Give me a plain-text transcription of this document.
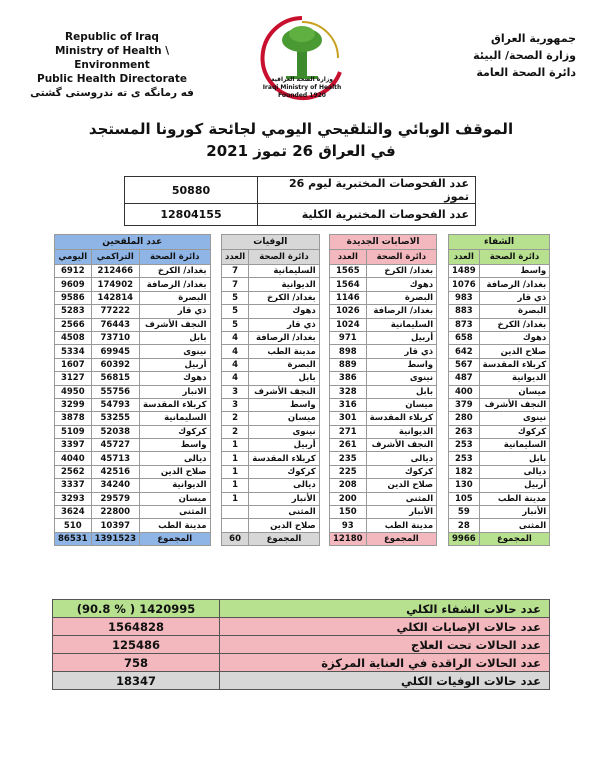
Republic of Iraq
Ministry of Health \ Environment
Public Health Directorate
فه رمانگه ى ته ندروستى گشتى
وزارة الصحة العراقية
Iraqi Ministry of Health
Founded 1920
جمهورية العراق
وزارة الصحة/ البيئة
دائرة الصحة العامة
الموقف الوبائي والتلقيحي اليومي لجائحة كورونا المستجد
في العراق 26 تموز 2021
عدد الفحوصات المختبرية ليوم 26 تموز	50880
عدد الفحوصات المختبرية الكلية	12804155
الشفاء	
دائرة الصحة	العدد
واسط	1489
بغداد/ الرصافة	1076
ذي قار	983
البصرة	883
بغداد/ الكرخ	873
دهوك	658
صلاح الدين	642
كربلاء المقدسة	567
الديوانية	487
ميسان	400
النجف الأشرف	379
نينوى	280
كركوك	263
السليمانية	253
بابل	253
ديالى	182
أربيل	130
مدينة الطب	105
الأنبار	59
المثنى	28
المجموع	9966
الاصابات الجديدة	
دائرة الصحة	العدد
بغداد/ الكرخ	1565
دهوك	1564
البصرة	1146
بغداد/ الرصافة	1026
السليمانية	1024
أربيل	971
ذي قار	898
واسط	889
نينوى	386
بابل	328
ميسان	316
كربلاء المقدسة	301
الديوانية	271
النجف الأشرف	261
ديالى	235
كركوك	225
صلاح الدين	208
المثنى	200
الأنبار	150
مدينة الطب	93
المجموع	12180
الوفيات	
دائرة الصحة	العدد
السليمانية	7
الديوانية	7
بغداد/ الكرخ	5
دهوك	5
ذي قار	5
بغداد/ الرصافة	4
مدينة الطب	4
البصرة	4
بابل	4
النجف الأشرف	3
واسط	3
ميسان	2
نينوى	2
أربيل	1
كربلاء المقدسة	1
كركوك	1
ديالى	1
الأنبار	1
المثنى	
صلاح الدين	
المجموع	60
عدد الملقحين		
دائرة الصحة	التراكمي	اليومي
بغداد/ الكرخ	212466	6912
بغداد/ الرصافة	174902	9609
البصرة	142814	9586
ذي قار	77222	5283
النجف الأشرف	76443	2566
بابل	73710	4508
نينوى	69945	5334
أربيل	60392	1607
دهوك	56815	3127
الانبار	55756	4950
كربلاء المقدسة	54793	3299
السليمانية	53255	3878
كركوك	52038	5109
واسط	45727	3397
ديالى	45713	4040
صلاح الدين	42516	2562
الديوانية	34240	3337
ميسان	29579	3293
المثنى	22800	3624
مدينة الطب	10397	510
المجموع	1391523	86531
عدد حالات الشفاء الكلي	1420995 ( % 90.8)
عدد حالات الإصابات الكلي	1564828
عدد الحالات تحت العلاج	125486
عدد الحالات الراقدة في العناية المركزة	758
عدد حالات الوفيات الكلي	18347
